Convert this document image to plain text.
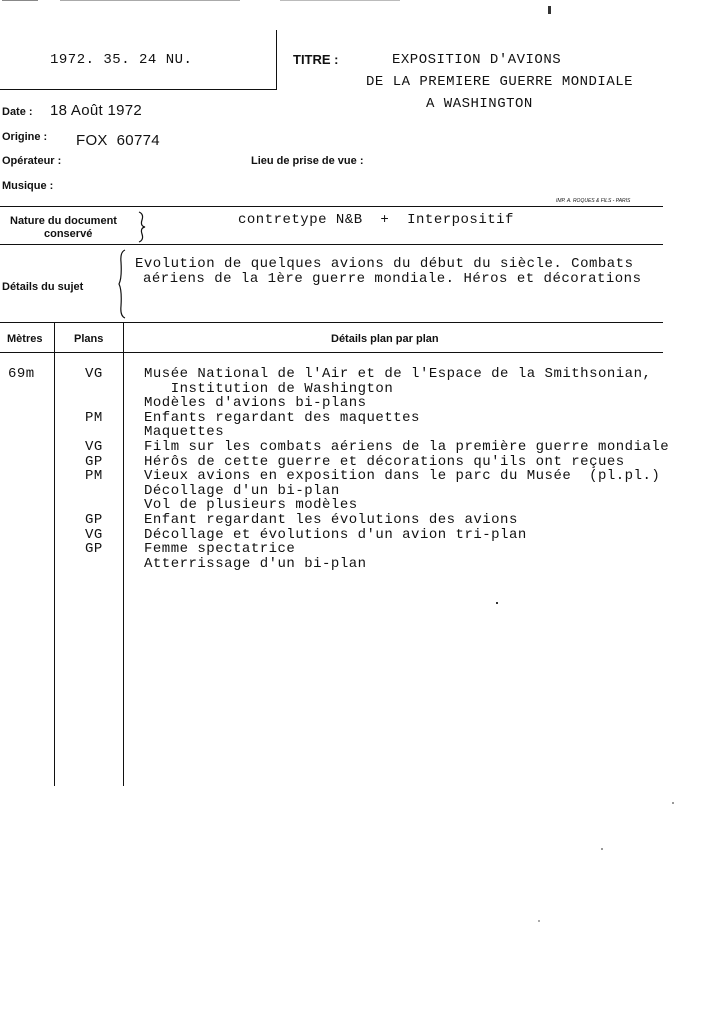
1972. 35. 24 NU.	TITRE :	EXPOSITION D'AVIONS
DE LA PREMIERE GUERRE MONDIALE
A WASHINGTON
Date : 18 Août 1972
Origine : FOX  60774
Opérateur :	Lieu de prise de vue :
Musique :
IMP. A. ROQUES & FILS - PARIS
Nature du document
conservé
contretype N&B  +  Interpositif
Détails du sujet
Evolution de quelques avions du début du siècle. Combats
aériens de la 1ère guerre mondiale. Héros et décorations
Mètres	Plans	Détails plan par plan
69m	VG	Musée National de l'Air et de l'Espace de la Smithsonian,
Institution de Washington
Modèles d'avions bi-plans
PM	Enfants regardant des maquettes
Maquettes
VG	Film sur les combats aériens de la première guerre mondiale
GP	Hérôs de cette guerre et décorations qu'ils ont reçues
PM	Vieux avions en exposition dans le parc du Musée  (pl.pl.)
Décollage d'un bi-plan
Vol de plusieurs modèles
GP	Enfant regardant les évolutions des avions
VG	Décollage et évolutions d'un avion tri-plan
GP	Femme spectatrice
Atterrissage d'un bi-plan
